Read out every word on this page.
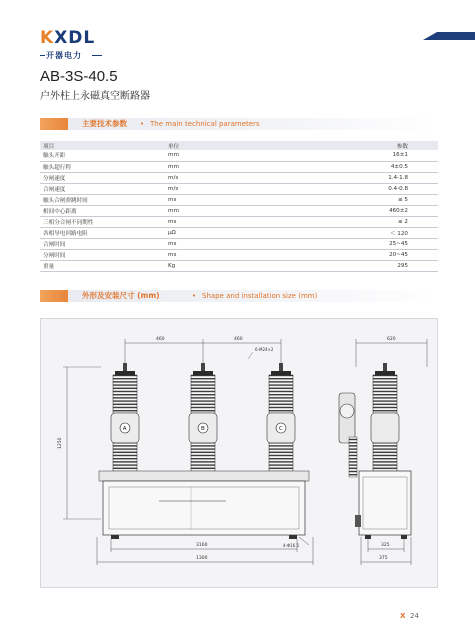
KXDL
开器电力
AB-3S-40.5
户外柱上永磁真空断路器
主要技术参数 • The main technical parameters
项目	单位	参数
触头开距	mm	16±1
触头超行程	mm	4±0.5
分闸速度	m/s	1.4-1.8
合闸速度	m/s	0.4-0.8
触头合闸弹跳时间	ms	≤ 5
相间中心距离	mm	460±2
三相分合闸不同期性	ms	≤ 2
各相导电回路电阻	μΩ	＜ 120
合闸时间	ms	25~45
分闸时间	ms	20~45
重量	Kg	295
外形及安装尺寸 (mm)	• Shape and installation size (mm)
460	460	620
6-M24×2
1250
A	B	C
3160
1300
4-Φ16.5	325
375
X 24
